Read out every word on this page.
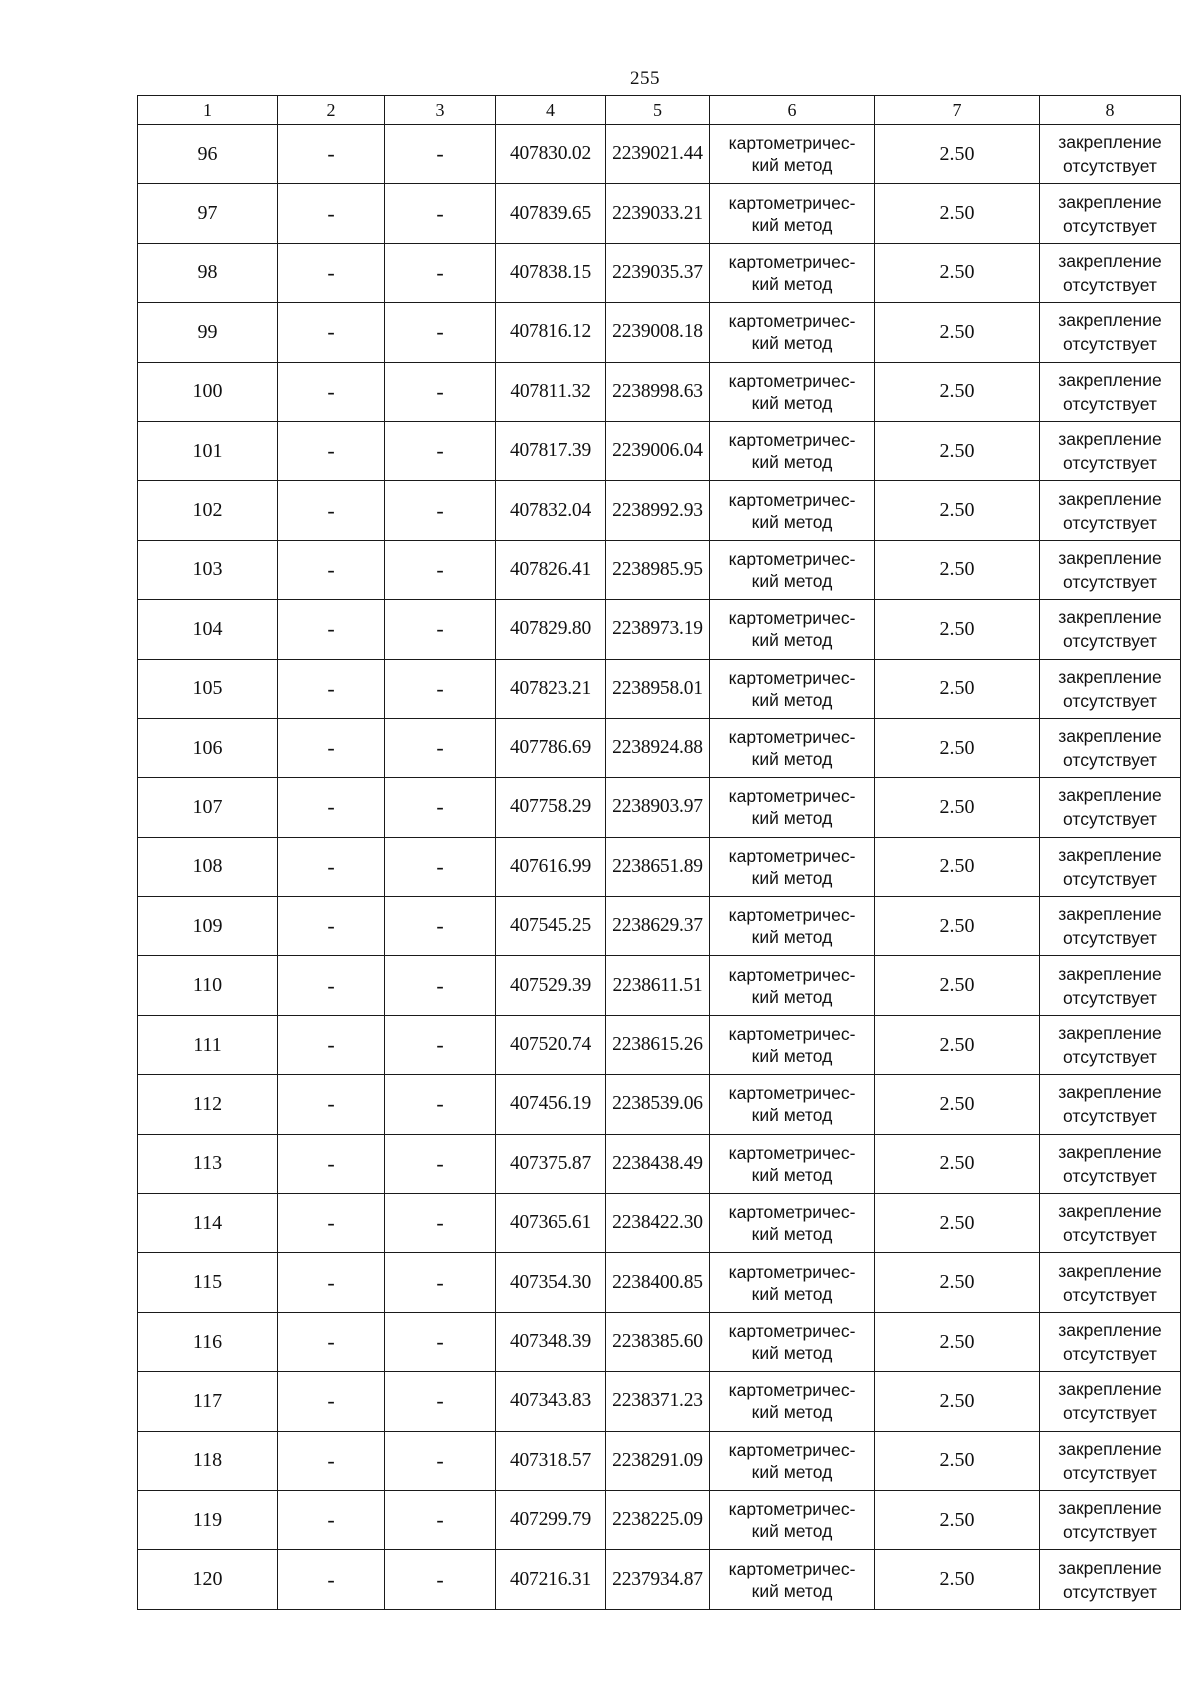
255
1	2	3	4	5	6	7	8
96	-	-	407830.02	2239021.44	картометричес-
кий метод	2.50	закрепление
отсутствует

97	-	-	407839.65	2239033.21	картометричес-
кий метод	2.50	закрепление
отсутствует

98	-	-	407838.15	2239035.37	картометричес-
кий метод	2.50	закрепление
отсутствует

99	-	-	407816.12	2239008.18	картометричес-
кий метод	2.50	закрепление
отсутствует

100	-	-	407811.32	2238998.63	картометричес-
кий метод	2.50	закрепление
отсутствует

101	-	-	407817.39	2239006.04	картометричес-
кий метод	2.50	закрепление
отсутствует

102	-	-	407832.04	2238992.93	картометричес-
кий метод	2.50	закрепление
отсутствует

103	-	-	407826.41	2238985.95	картометричес-
кий метод	2.50	закрепление
отсутствует

104	-	-	407829.80	2238973.19	картометричес-
кий метод	2.50	закрепление
отсутствует

105	-	-	407823.21	2238958.01	картометричес-
кий метод	2.50	закрепление
отсутствует

106	-	-	407786.69	2238924.88	картометричес-
кий метод	2.50	закрепление
отсутствует

107	-	-	407758.29	2238903.97	картометричес-
кий метод	2.50	закрепление
отсутствует

108	-	-	407616.99	2238651.89	картометричес-
кий метод	2.50	закрепление
отсутствует

109	-	-	407545.25	2238629.37	картометричес-
кий метод	2.50	закрепление
отсутствует

110	-	-	407529.39	2238611.51	картометричес-
кий метод	2.50	закрепление
отсутствует

111	-	-	407520.74	2238615.26	картометричес-
кий метод	2.50	закрепление
отсутствует

112	-	-	407456.19	2238539.06	картометричес-
кий метод	2.50	закрепление
отсутствует

113	-	-	407375.87	2238438.49	картометричес-
кий метод	2.50	закрепление
отсутствует

114	-	-	407365.61	2238422.30	картометричес-
кий метод	2.50	закрепление
отсутствует

115	-	-	407354.30	2238400.85	картометричес-
кий метод	2.50	закрепление
отсутствует

116	-	-	407348.39	2238385.60	картометричес-
кий метод	2.50	закрепление
отсутствует

117	-	-	407343.83	2238371.23	картометричес-
кий метод	2.50	закрепление
отсутствует

118	-	-	407318.57	2238291.09	картометричес-
кий метод	2.50	закрепление
отсутствует

119	-	-	407299.79	2238225.09	картометричес-
кий метод	2.50	закрепление
отсутствует

120	-	-	407216.31	2237934.87	картометричес-
кий метод	2.50	закрепление
отсутствует
